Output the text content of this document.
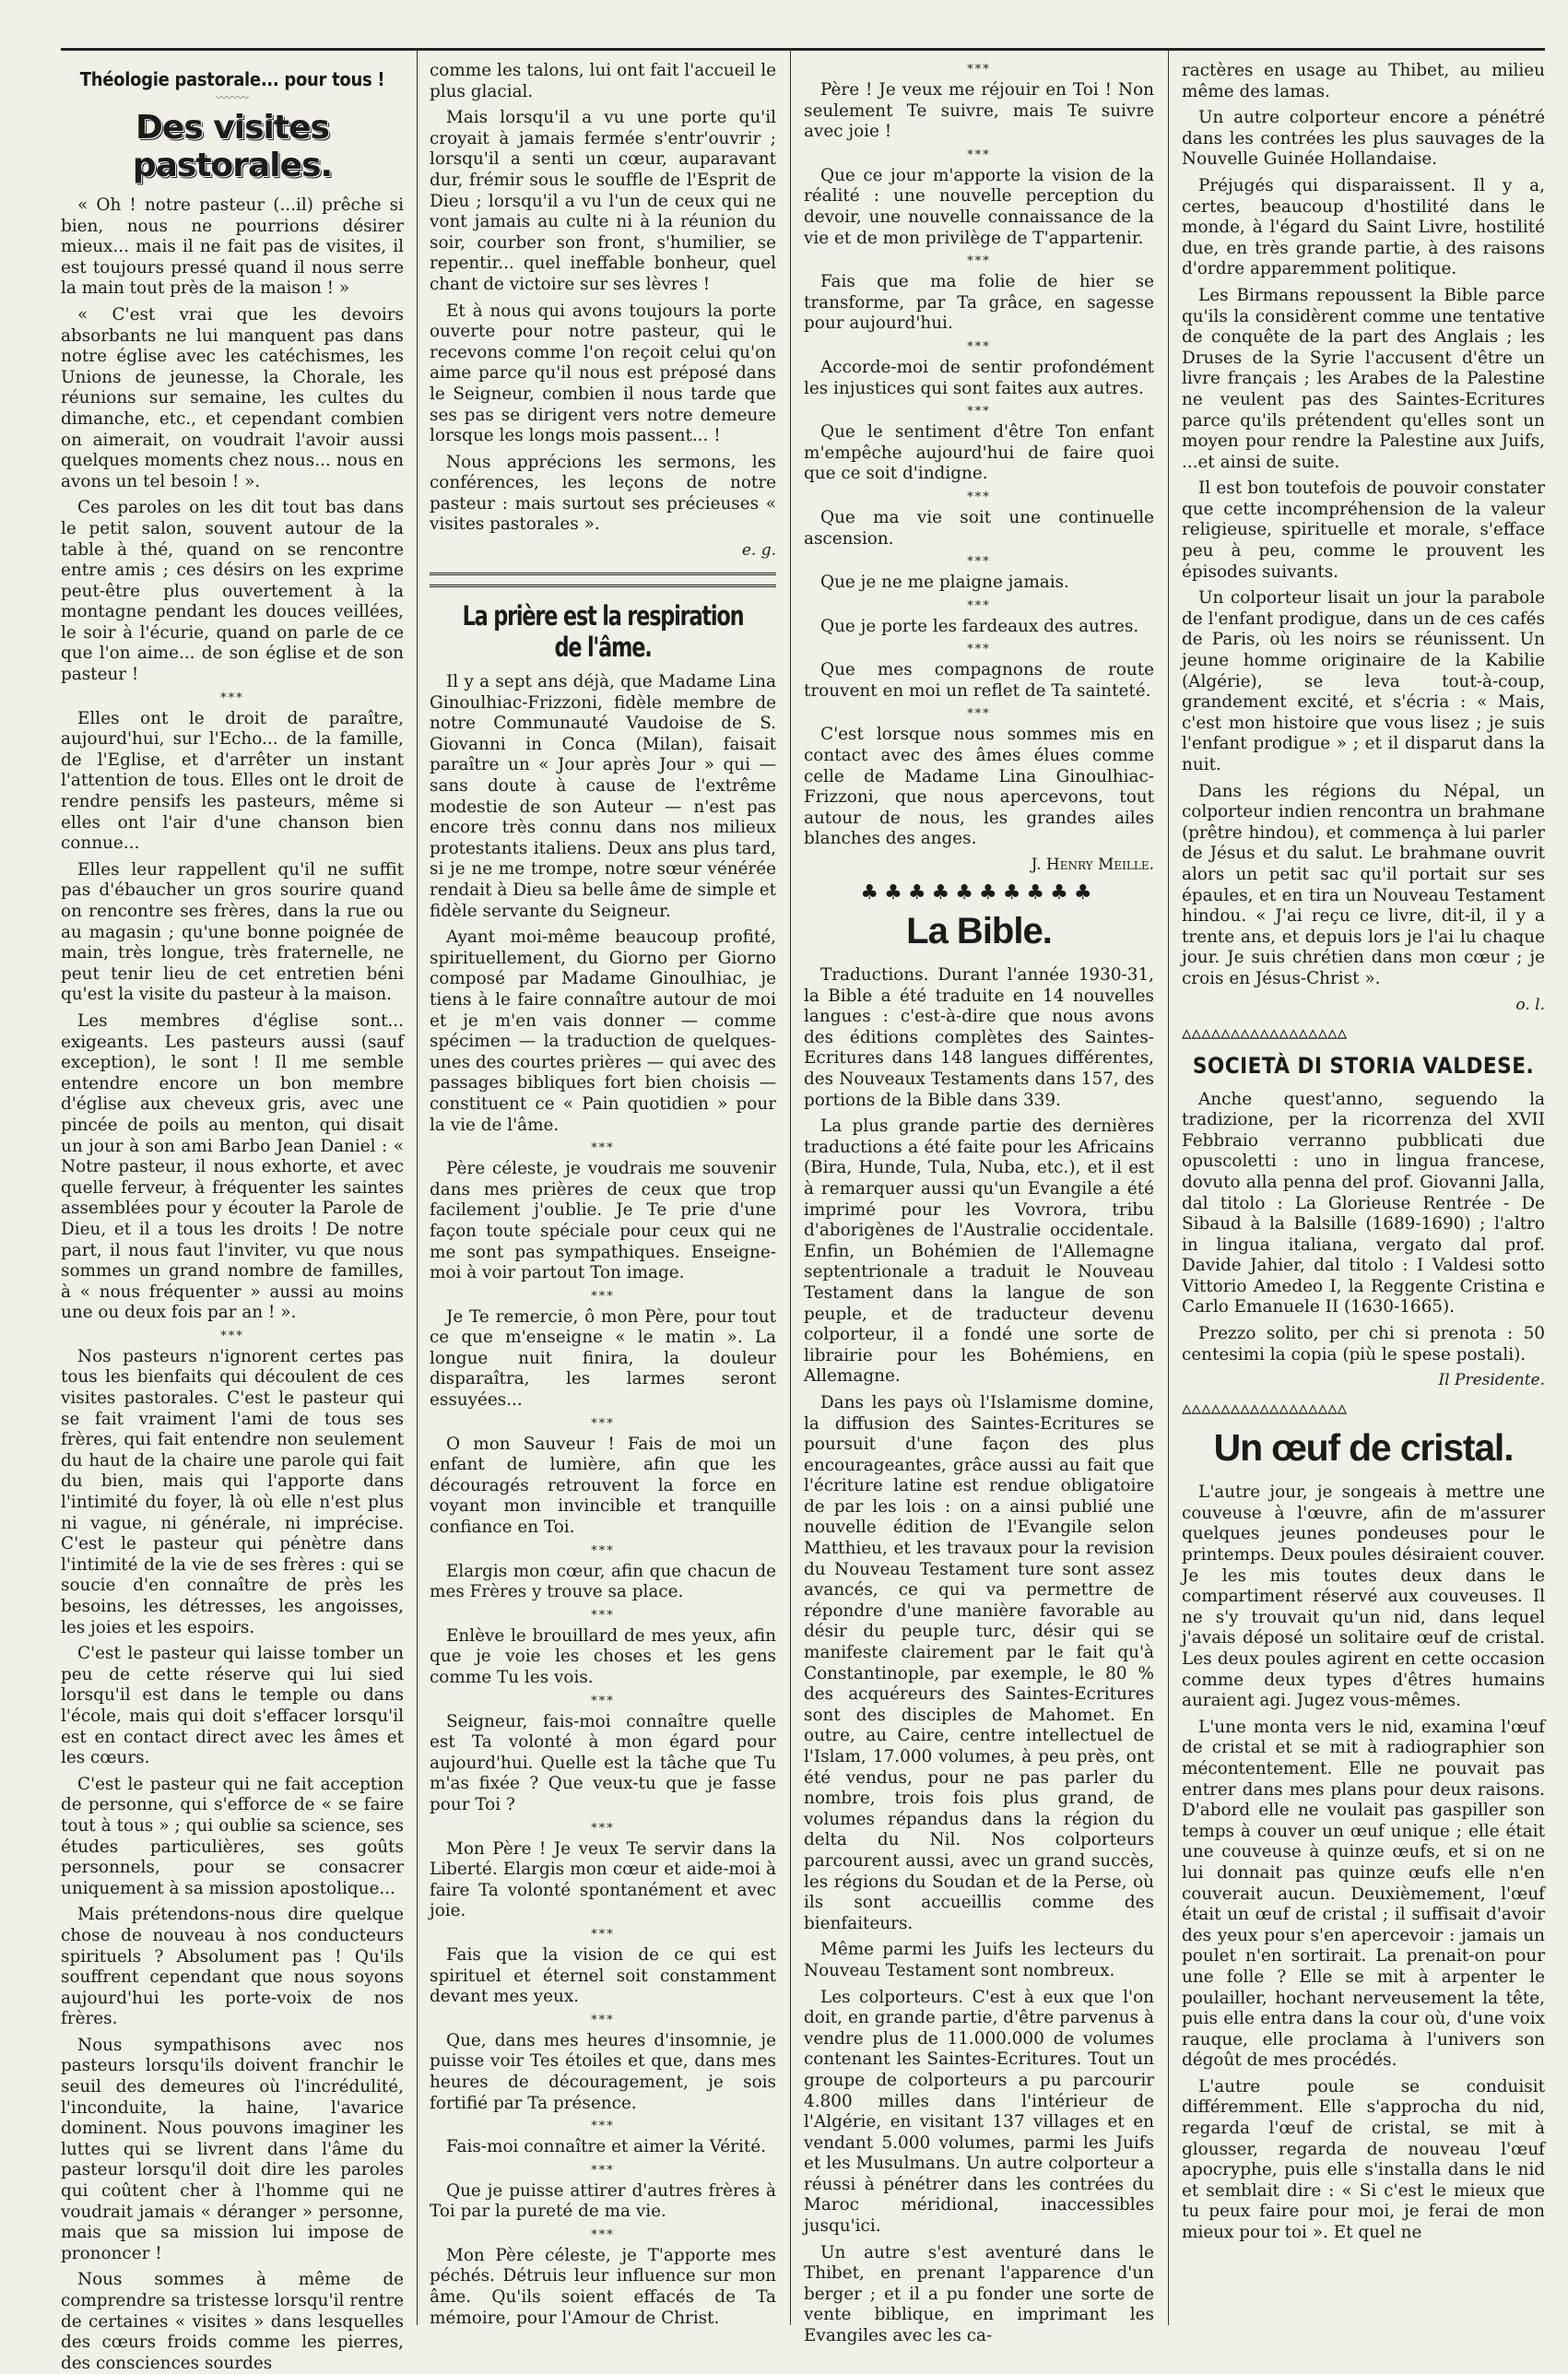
Théologie pastorale... pour tous !
〰〰〰
Des visites pastorales.

« Oh ! notre pasteur (...il) prêche si bien, nous ne pourrions désirer mieux... mais il ne fait pas de visites, il est toujours pressé quand il nous serre la main tout près de la maison ! »

« C'est vrai que les devoirs absorbants ne lui manquent pas dans notre église avec les catéchismes, les Unions de jeunesse, la Chorale, les réunions sur semaine, les cultes du dimanche, etc., et cependant combien on aimerait, on voudrait l'avoir aussi quelques moments chez nous... nous en avons un tel besoin ! ».

Ces paroles on les dit tout bas dans le petit salon, souvent autour de la table à thé, quand on se rencontre entre amis ; ces désirs on les exprime peut-être plus ouvertement à la montagne pendant les douces veillées, le soir à l'écurie, quand on parle de ce que l'on aime... de son église et de son pasteur !

***

Elles ont le droit de paraître, aujourd'hui, sur l'Echo... de la famille, de l'Eglise, et d'arrêter un instant l'attention de tous. Elles ont le droit de rendre pensifs les pasteurs, même si elles ont l'air d'une chanson bien connue...

Elles leur rappellent qu'il ne suffit pas d'ébaucher un gros sourire quand on rencontre ses frères, dans la rue ou au magasin ; qu'une bonne poignée de main, très longue, très fraternelle, ne peut tenir lieu de cet entretien béni qu'est la visite du pasteur à la maison.

Les membres d'église sont... exigeants. Les pasteurs aussi (sauf exception), le sont ! Il me semble entendre encore un bon membre d'église aux cheveux gris, avec une pincée de poils au menton, qui disait un jour à son ami Barbo Jean Daniel : « Notre pasteur, il nous exhorte, et avec quelle ferveur, à fréquenter les saintes assemblées pour y écouter la Parole de Dieu, et il a tous les droits ! De notre part, il nous faut l'inviter, vu que nous sommes un grand nombre de familles, à « nous fréquenter » aussi au moins une ou deux fois par an ! ».

***

Nos pasteurs n'ignorent certes pas tous les bienfaits qui découlent de ces visites pastorales. C'est le pasteur qui se fait vraiment l'ami de tous ses frères, qui fait entendre non seulement du haut de la chaire une parole qui fait du bien, mais qui l'apporte dans l'intimité du foyer, là où elle n'est plus ni vague, ni générale, ni imprécise. C'est le pasteur qui pénètre dans l'intimité de la vie de ses frères : qui se soucie d'en connaître de près les besoins, les détresses, les angoisses, les joies et les espoirs.

C'est le pasteur qui laisse tomber un peu de cette réserve qui lui sied lorsqu'il est dans le temple ou dans l'école, mais qui doit s'effacer lorsqu'il est en contact direct avec les âmes et les cœurs.

C'est le pasteur qui ne fait acception de personne, qui s'efforce de « se faire tout à tous » ; qui oublie sa science, ses études particulières, ses goûts personnels, pour se consacrer uniquement à sa mission apostolique...

Mais prétendons-nous dire quelque chose de nouveau à nos conducteurs spirituels ? Absolument pas ! Qu'ils souffrent cependant que nous soyons aujourd'hui les porte-voix de nos frères.

Nous sympathisons avec nos pasteurs lorsqu'ils doivent franchir le seuil des demeures où l'incrédulité, l'inconduite, la haine, l'avarice dominent. Nous pouvons imaginer les luttes qui se livrent dans l'âme du pasteur lorsqu'il doit dire les paroles qui coûtent cher à l'homme qui ne voudrait jamais « déranger » personne, mais que sa mission lui impose de prononcer !

Nous sommes à même de comprendre sa tristesse lorsqu'il rentre de certaines « visites » dans lesquelles des cœurs froids comme les pierres, des consciences sourdes

comme les talons, lui ont fait l'accueil le plus glacial.

Mais lorsqu'il a vu une porte qu'il croyait à jamais fermée s'entr'ouvrir ; lorsqu'il a senti un cœur, auparavant dur, frémir sous le souffle de l'Esprit de Dieu ; lorsqu'il a vu l'un de ceux qui ne vont jamais au culte ni à la réunion du soir, courber son front, s'humilier, se repentir... quel ineffable bonheur, quel chant de victoire sur ses lèvres !

Et à nous qui avons toujours la porte ouverte pour notre pasteur, qui le recevons comme l'on reçoit celui qu'on aime parce qu'il nous est préposé dans le Seigneur, combien il nous tarde que ses pas se dirigent vers notre demeure lorsque les longs mois passent... !

Nous apprécions les sermons, les conférences, les leçons de notre pasteur : mais surtout ses précieuses « visites pastorales ».

e. g.
La prière est la respiration de l'âme.

Il y a sept ans déjà, que Madame Lina Ginoulhiac-Frizzoni, fidèle membre de notre Communauté Vaudoise de S. Giovanni in Conca (Milan), faisait paraître un « Jour après Jour » qui — sans doute à cause de l'extrême modestie de son Auteur — n'est pas encore très connu dans nos milieux protestants italiens. Deux ans plus tard, si je ne me trompe, notre sœur vénérée rendait à Dieu sa belle âme de simple et fidèle servante du Seigneur.

Ayant moi-même beaucoup profité, spirituellement, du Giorno per Giorno composé par Madame Ginoulhiac, je tiens à le faire connaître autour de moi et je m'en vais donner — comme spécimen — la traduction de quelques-unes des courtes prières — qui avec des passages bibliques fort bien choisis — constituent ce « Pain quotidien » pour la vie de l'âme.

***

Père céleste, je voudrais me souvenir dans mes prières de ceux que trop facilement j'oublie. Je Te prie d'une façon toute spéciale pour ceux qui ne me sont pas sympathiques. Enseigne-moi à voir partout Ton image.

***

Je Te remercie, ô mon Père, pour tout ce que m'enseigne « le matin ». La longue nuit finira, la douleur disparaîtra, les larmes seront essuyées...

***

O mon Sauveur ! Fais de moi un enfant de lumière, afin que les découragés retrouvent la force en voyant mon invincible et tranquille confiance en Toi.

***

Elargis mon cœur, afin que chacun de mes Frères y trouve sa place.

***

Enlève le brouillard de mes yeux, afin que je voie les choses et les gens comme Tu les vois.

***

Seigneur, fais-moi connaître quelle est Ta volonté à mon égard pour aujourd'hui. Quelle est la tâche que Tu m'as fixée ? Que veux-tu que je fasse pour Toi ?

***

Mon Père ! Je veux Te servir dans la Liberté. Elargis mon cœur et aide-moi à faire Ta volonté spontanément et avec joie.

***

Fais que la vision de ce qui est spirituel et éternel soit constamment devant mes yeux.

***

Que, dans mes heures d'insomnie, je puisse voir Tes étoiles et que, dans mes heures de découragement, je sois fortifié par Ta présence.

***

Fais-moi connaître et aimer la Vérité.

***

Que je puisse attirer d'autres frères à Toi par la pureté de ma vie.

***

Mon Père céleste, je T'apporte mes péchés. Détruis leur influence sur mon âme. Qu'ils soient effacés de Ta mémoire, pour l'Amour de Christ.

***

Père ! Je veux me réjouir en Toi ! Non seulement Te suivre, mais Te suivre avec joie !

***

Que ce jour m'apporte la vision de la réalité : une nouvelle perception du devoir, une nouvelle connaissance de la vie et de mon privilège de T'appartenir.

***

Fais que ma folie de hier se transforme, par Ta grâce, en sagesse pour aujourd'hui.

***

Accorde-moi de sentir profondément les injustices qui sont faites aux autres.

***

Que le sentiment d'être Ton enfant m'empêche aujourd'hui de faire quoi que ce soit d'indigne.

***

Que ma vie soit une continuelle ascension.

***

Que je ne me plaigne jamais.

***

Que je porte les fardeaux des autres.

***

Que mes compagnons de route trouvent en moi un reflet de Ta sainteté.

***

C'est lorsque nous sommes mis en contact avec des âmes élues comme celle de Madame Lina Ginoulhiac-Frizzoni, que nous apercevons, tout autour de nous, les grandes ailes blanches des anges.

J. Henry Meille.
♣♣♣♣♣♣♣♣♣♣
La Bible.

Traductions. Durant l'année 1930-31, la Bible a été traduite en 14 nouvelles langues : c'est-à-dire que nous avons des éditions complètes des Saintes-Ecritures dans 148 langues différentes, des Nouveaux Testaments dans 157, des portions de la Bible dans 339.

La plus grande partie des dernières traductions a été faite pour les Africains (Bira, Hunde, Tula, Nuba, etc.), et il est à remarquer aussi qu'un Evangile a été imprimé pour les Vovrora, tribu d'aborigènes de l'Australie occidentale. Enfin, un Bohémien de l'Allemagne septentrionale a traduit le Nouveau Testament dans la langue de son peuple, et de traducteur devenu colporteur, il a fondé une sorte de librairie pour les Bohémiens, en Allemagne.

Dans les pays où l'Islamisme domine, la diffusion des Saintes-Ecritures se poursuit d'une façon des plus encourageantes, grâce aussi au fait que l'écriture latine est rendue obligatoire de par les lois : on a ainsi publié une nouvelle édition de l'Evangile selon Matthieu, et les travaux pour la revision du Nouveau Testament ture sont assez avancés, ce qui va permettre de répondre d'une manière favorable au désir du peuple turc, désir qui se manifeste clairement par le fait qu'à Constantinople, par exemple, le 80 % des acquéreurs des Saintes-Ecritures sont des disciples de Mahomet. En outre, au Caire, centre intellectuel de l'Islam, 17.000 volumes, à peu près, ont été vendus, pour ne pas parler du nombre, trois fois plus grand, de volumes répandus dans la région du delta du Nil. Nos colporteurs parcourent aussi, avec un grand succès, les régions du Soudan et de la Perse, où ils sont accueillis comme des bienfaiteurs.

Même parmi les Juifs les lecteurs du Nouveau Testament sont nombreux.

Les colporteurs. C'est à eux que l'on doit, en grande partie, d'être parvenus à vendre plus de 11.000.000 de volumes contenant les Saintes-Ecritures. Tout un groupe de colporteurs a pu parcourir 4.800 milles dans l'intérieur de l'Algérie, en visitant 137 villages et en vendant 5.000 volumes, parmi les Juifs et les Musulmans. Un autre colporteur a réussi à pénétrer dans les contrées du Maroc méridional, inaccessibles jusqu'ici.

Un autre s'est aventuré dans le Thibet, en prenant l'apparence d'un berger ; et il a pu fonder une sorte de vente biblique, en imprimant les Evangiles avec les ca-

ractères en usage au Thibet, au milieu même des lamas.

Un autre colporteur encore a pénétré dans les contrées les plus sauvages de la Nouvelle Guinée Hollandaise.

Préjugés qui disparaissent. Il y a, certes, beaucoup d'hostilité dans le monde, à l'égard du Saint Livre, hostilité due, en très grande partie, à des raisons d'ordre apparemment politique.

Les Birmans repoussent la Bible parce qu'ils la considèrent comme une tentative de conquête de la part des Anglais ; les Druses de la Syrie l'accusent d'être un livre français ; les Arabes de la Palestine ne veulent pas des Saintes-Ecritures parce qu'ils prétendent qu'elles sont un moyen pour rendre la Palestine aux Juifs, ...et ainsi de suite.

Il est bon toutefois de pouvoir constater que cette incompréhension de la valeur religieuse, spirituelle et morale, s'efface peu à peu, comme le prouvent les épisodes suivants.

Un colporteur lisait un jour la parabole de l'enfant prodigue, dans un de ces cafés de Paris, où les noirs se réunissent. Un jeune homme originaire de la Kabilie (Algérie), se leva tout-à-coup, grandement excité, et s'écria : « Mais, c'est mon histoire que vous lisez ; je suis l'enfant prodigue » ; et il disparut dans la nuit.

Dans les régions du Népal, un colporteur indien rencontra un brahmane (prêtre hindou), et commença à lui parler de Jésus et du salut. Le brahmane ouvrit alors un petit sac qu'il portait sur ses épaules, et en tira un Nouveau Testament hindou. « J'ai reçu ce livre, dit-il, il y a trente ans, et depuis lors je l'ai lu chaque jour. Je suis chrétien dans mon cœur ; je crois en Jésus-Christ ».

o. l.
▵▵▵▵▵▵▵▵▵▵▵▵▵▵▵▵▵
SOCIETÀ DI STORIA VALDESE.

Anche quest'anno, seguendo la tradizione, per la ricorrenza del XVII Febbraio verranno pubblicati due opuscoletti : uno in lingua francese, dovuto alla penna del prof. Giovanni Jalla, dal titolo : La Glorieuse Rentrée - De Sibaud à la Balsille (1689-1690) ; l'altro in lingua italiana, vergato dal prof. Davide Jahier, dal titolo : I Valdesi sotto Vittorio Amedeo I, la Reggente Cristina e Carlo Emanuele II (1630-1665).

Prezzo solito, per chi si prenota : 50 centesimi la copia (più le spese postali).

Il Presidente.
▵▵▵▵▵▵▵▵▵▵▵▵▵▵▵▵▵
Un œuf de cristal.

L'autre jour, je songeais à mettre une couveuse à l'œuvre, afin de m'assurer quelques jeunes pondeuses pour le printemps. Deux poules désiraient couver. Je les mis toutes deux dans le compartiment réservé aux couveuses. Il ne s'y trouvait qu'un nid, dans lequel j'avais déposé un solitaire œuf de cristal. Les deux poules agirent en cette occasion comme deux types d'êtres humains auraient agi. Jugez vous-mêmes.

L'une monta vers le nid, examina l'œuf de cristal et se mit à radiographier son mécontentement. Elle ne pouvait pas entrer dans mes plans pour deux raisons. D'abord elle ne voulait pas gaspiller son temps à couver un œuf unique ; elle était une couveuse à quinze œufs, et si on ne lui donnait pas quinze œufs elle n'en couverait aucun. Deuxièmement, l'œuf était un œuf de cristal ; il suffisait d'avoir des yeux pour s'en apercevoir : jamais un poulet n'en sortirait. La prenait-on pour une folle ? Elle se mit à arpenter le poulailler, hochant nerveusement la tête, puis elle entra dans la cour où, d'une voix rauque, elle proclama à l'univers son dégoût de mes procédés.

L'autre poule se conduisit différemment. Elle s'approcha du nid, regarda l'œuf de cristal, se mit à glousser, regarda de nouveau l'œuf apocryphe, puis elle s'installa dans le nid et semblait dire : « Si c'est le mieux que tu peux faire pour moi, je ferai de mon mieux pour toi ». Et quel ne
